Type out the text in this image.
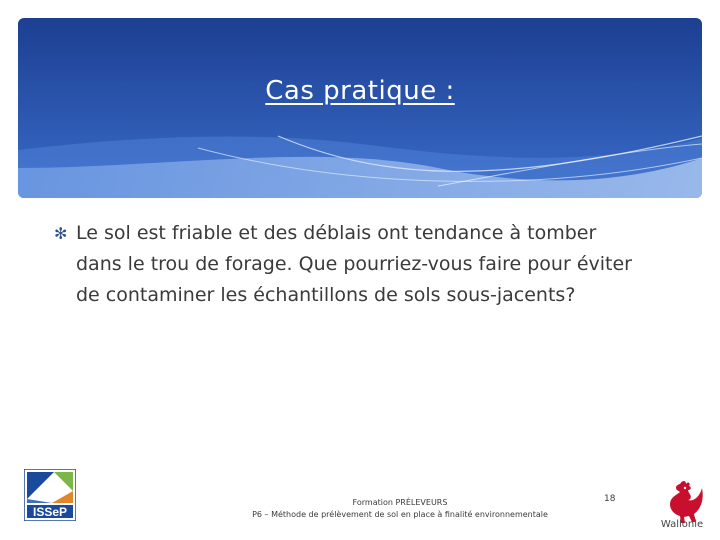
Cas pratique :
✻ Le sol est friable et des déblais ont tendance à tomber dans le trou de forage. Que pourriez-vous faire pour éviter de contaminer les échantillons de sols sous-jacents?
ISSeP
Formation PRÉLEVEURS
P6 – Méthode de prélèvement de sol en place à finalité environnementale
18
Wallonie
